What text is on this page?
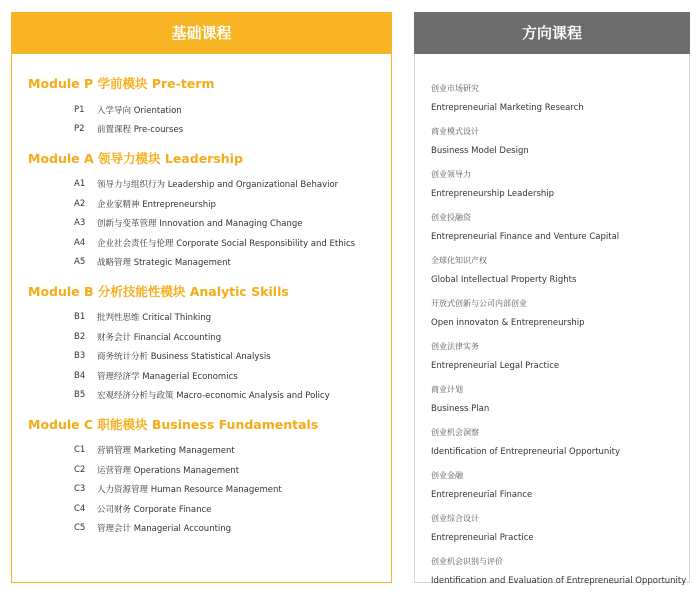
基础课程
Module P 学前模块 Pre-term
P1	入学导向 Orientation
P2	前置课程 Pre-courses
Module A 领导力模块 Leadership
A1	领导力与组织行为 Leadership and Organizational Behavior
A2	企业家精神 Entrepreneurship
A3	创新与变革管理 Innovation and Managing Change
A4	企业社会责任与伦理 Corporate Social Responsibility and Ethics
A5	战略管理 Strategic Management
Module B 分析技能性模块 Analytic Skills
B1	批判性思维 Critical Thinking
B2	财务会计 Financial Accounting
B3	商务统计分析 Business Statistical Analysis
B4	管理经济学 Managerial Economics
B5	宏观经济分析与政策 Macro-economic Analysis and Policy
Module C 职能模块 Business Fundamentals
C1	营销管理 Marketing Management
C2	运营管理 Operations Management
C3	人力资源管理 Human Resource Management
C4	公司财务 Corporate Finance
C5	管理会计 Managerial Accounting
方向课程
创业市场研究
Entrepreneurial Marketing Research
商业模式设计
Business Model Design
创业领导力
Entrepreneurship Leadership
创业投融资
Entrepreneurial Finance and Venture Capital
全球化知识产权
Global Intellectual Property Rights
开放式创新与公司内部创业
Open innovaton & Entrepreneurship
创业法律实务
Entrepreneurial Legal Practice
商业计划
Business Plan
创业机会洞察
Identification of Entrepreneurial Opportunity
创业金融
Entrepreneurial Finance
创业综合设计
Entrepreneurial Practice
创业机会识别与评价
Identification and Evaluation of Entrepreneurial Opportunity
